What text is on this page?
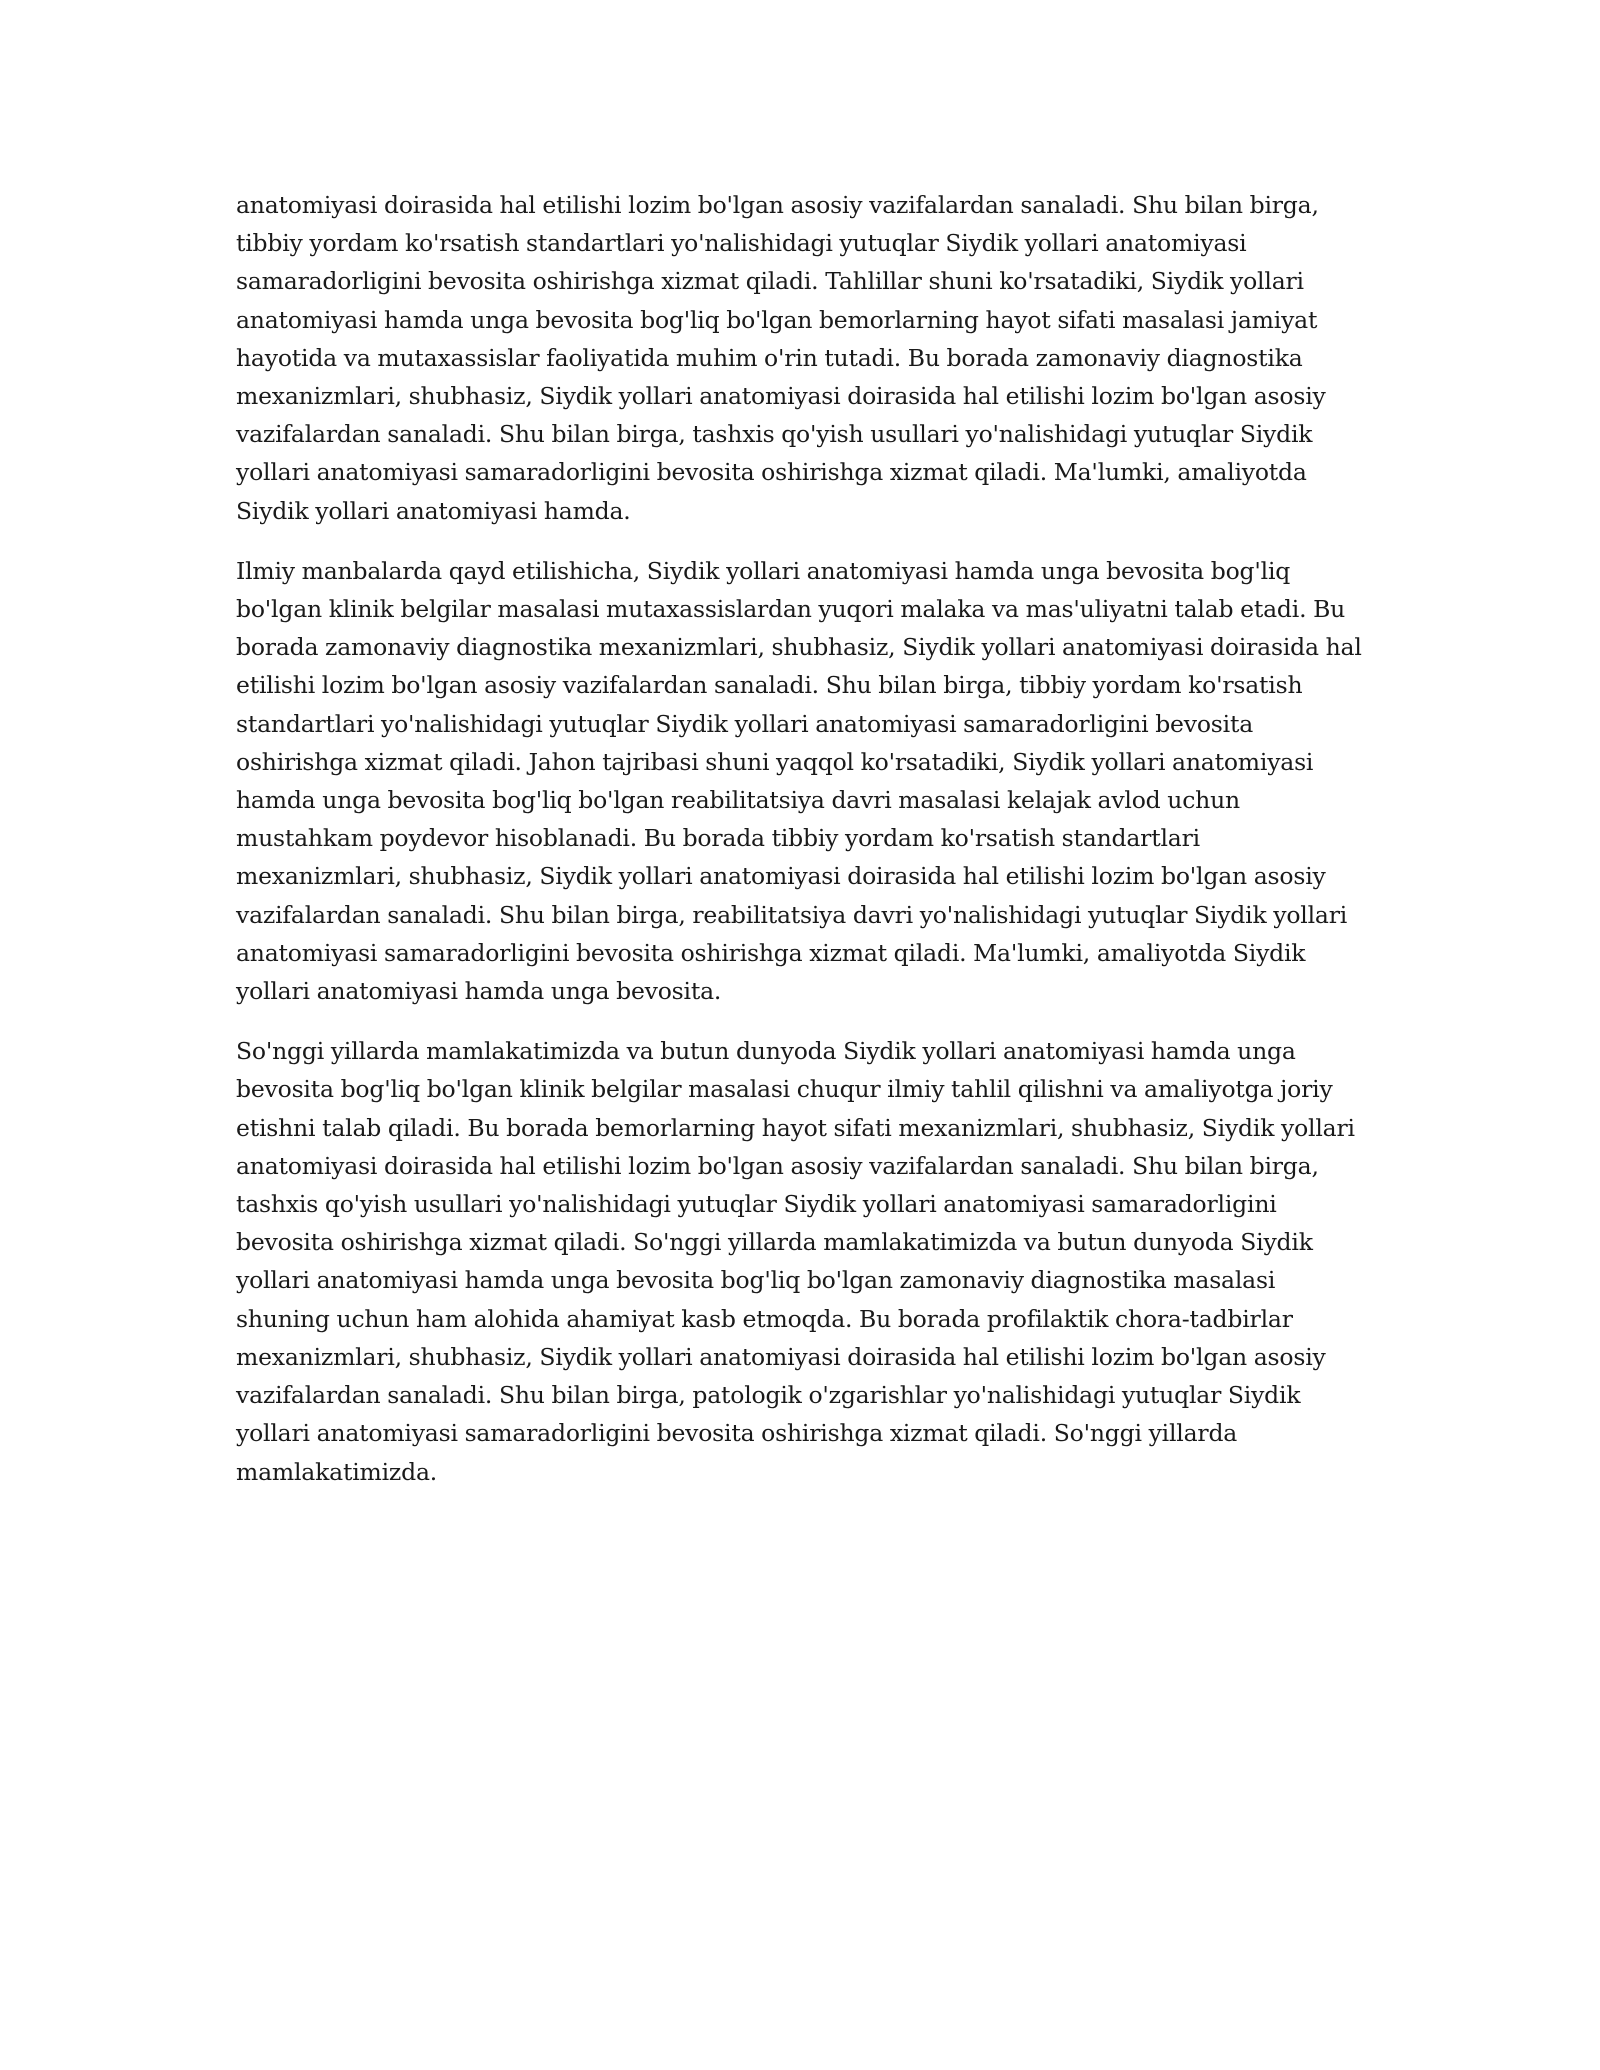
anatomiyasi doirasida hal etilishi lozim bo'lgan asosiy vazifalardan sanaladi. Shu bilan birga, tibbiy yordam ko'rsatish standartlari yo'nalishidagi yutuqlar Siydik yollari anatomiyasi samaradorligini bevosita oshirishga xizmat qiladi. Tahlillar shuni ko'rsatadiki, Siydik yollari anatomiyasi hamda unga bevosita bog'liq bo'lgan bemorlarning hayot sifati masalasi jamiyat hayotida va mutaxassislar faoliyatida muhim o'rin tutadi. Bu borada zamonaviy diagnostika mexanizmlari, shubhasiz, Siydik yollari anatomiyasi doirasida hal etilishi lozim bo'lgan asosiy vazifalardan sanaladi. Shu bilan birga, tashxis qo'yish usullari yo'nalishidagi yutuqlar Siydik yollari anatomiyasi samaradorligini bevosita oshirishga xizmat qiladi. Ma'lumki, amaliyotda Siydik yollari anatomiyasi hamda.

Ilmiy manbalarda qayd etilishicha, Siydik yollari anatomiyasi hamda unga bevosita bog'liq bo'lgan klinik belgilar masalasi mutaxassislardan yuqori malaka va mas'uliyatni talab etadi. Bu borada zamonaviy diagnostika mexanizmlari, shubhasiz, Siydik yollari anatomiyasi doirasida hal etilishi lozim bo'lgan asosiy vazifalardan sanaladi. Shu bilan birga, tibbiy yordam ko'rsatish standartlari yo'nalishidagi yutuqlar Siydik yollari anatomiyasi samaradorligini bevosita oshirishga xizmat qiladi. Jahon tajribasi shuni yaqqol ko'rsatadiki, Siydik yollari anatomiyasi hamda unga bevosita bog'liq bo'lgan reabilitatsiya davri masalasi kelajak avlod uchun mustahkam poydevor hisoblanadi. Bu borada tibbiy yordam ko'rsatish standartlari mexanizmlari, shubhasiz, Siydik yollari anatomiyasi doirasida hal etilishi lozim bo'lgan asosiy vazifalardan sanaladi. Shu bilan birga, reabilitatsiya davri yo'nalishidagi yutuqlar Siydik yollari anatomiyasi samaradorligini bevosita oshirishga xizmat qiladi. Ma'lumki, amaliyotda Siydik yollari anatomiyasi hamda unga bevosita.

So'nggi yillarda mamlakatimizda va butun dunyoda Siydik yollari anatomiyasi hamda unga bevosita bog'liq bo'lgan klinik belgilar masalasi chuqur ilmiy tahlil qilishni va amaliyotga joriy etishni talab qiladi. Bu borada bemorlarning hayot sifati mexanizmlari, shubhasiz, Siydik yollari anatomiyasi doirasida hal etilishi lozim bo'lgan asosiy vazifalardan sanaladi. Shu bilan birga, tashxis qo'yish usullari yo'nalishidagi yutuqlar Siydik yollari anatomiyasi samaradorligini bevosita oshirishga xizmat qiladi. So'nggi yillarda mamlakatimizda va butun dunyoda Siydik yollari anatomiyasi hamda unga bevosita bog'liq bo'lgan zamonaviy diagnostika masalasi shuning uchun ham alohida ahamiyat kasb etmoqda. Bu borada profilaktik chora-tadbirlar mexanizmlari, shubhasiz, Siydik yollari anatomiyasi doirasida hal etilishi lozim bo'lgan asosiy vazifalardan sanaladi. Shu bilan birga, patologik o'zgarishlar yo'nalishidagi yutuqlar Siydik yollari anatomiyasi samaradorligini bevosita oshirishga xizmat qiladi. So'nggi yillarda mamlakatimizda.
